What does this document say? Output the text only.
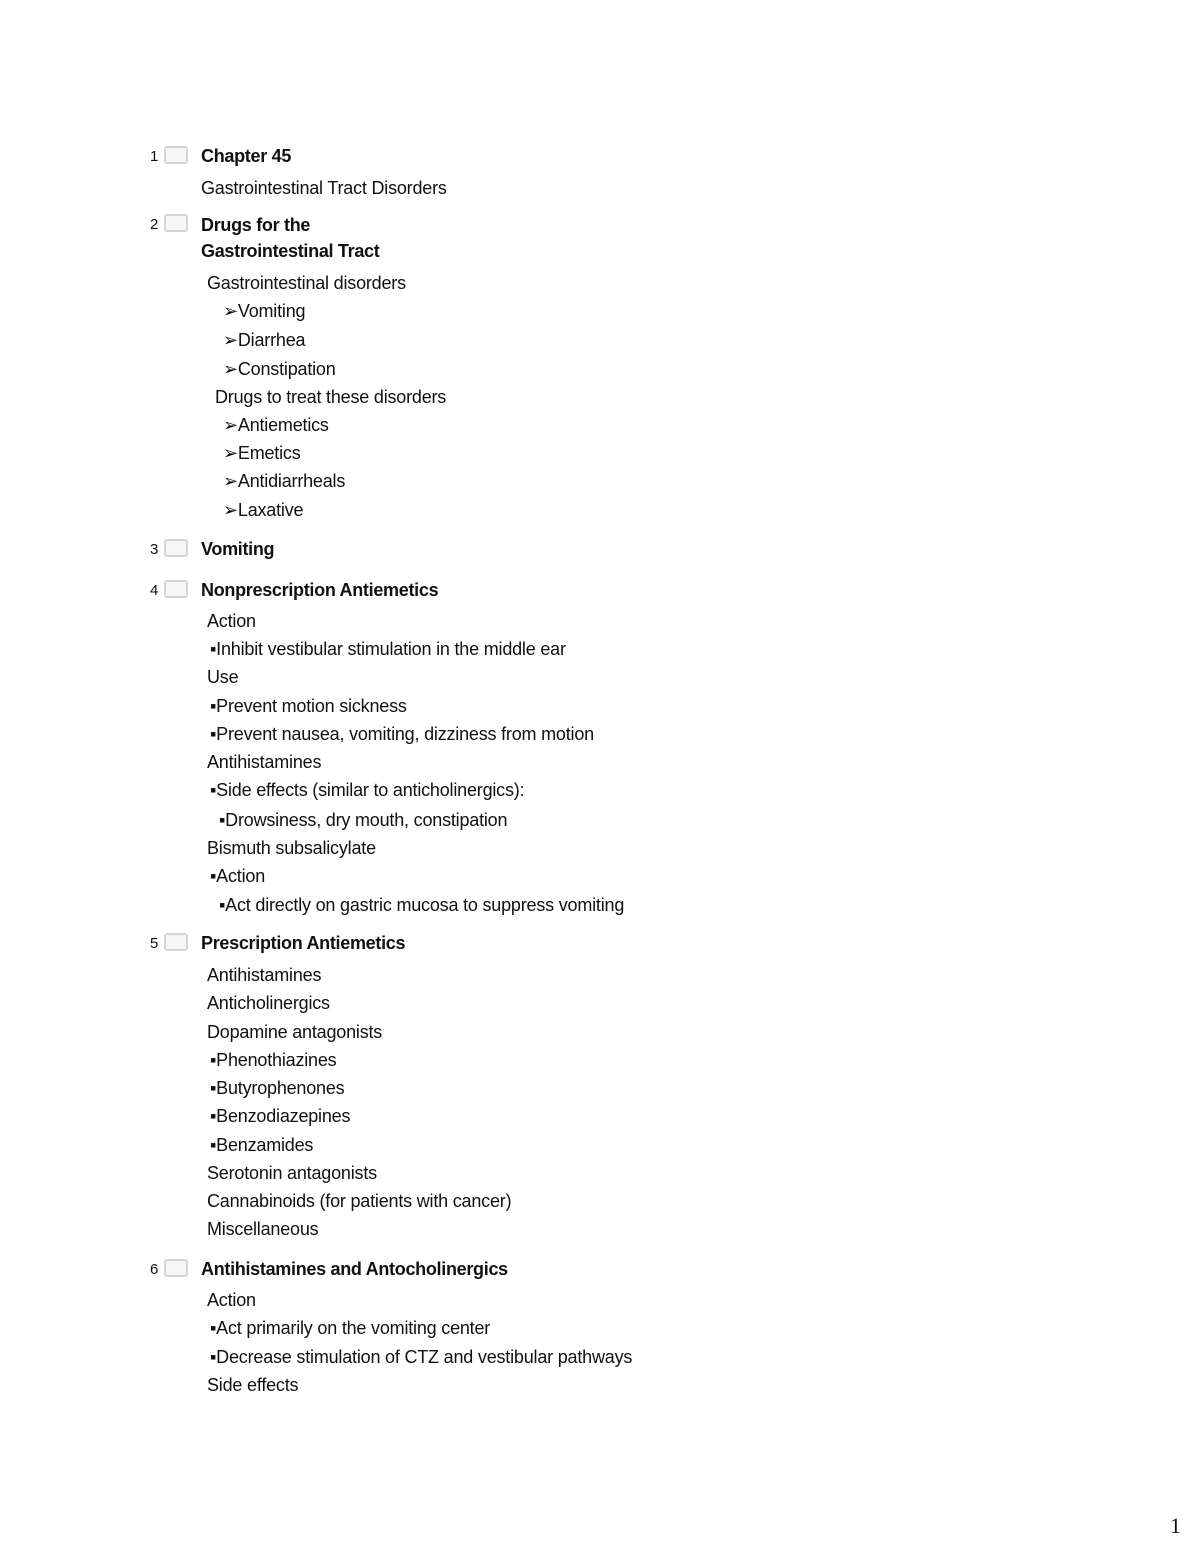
1	Chapter 45
Gastrointestinal Tract Disorders
2	Drugs for the
Gastrointestinal Tract
Gastrointestinal disorders
➢Vomiting
➢Diarrhea
➢Constipation
Drugs to treat these disorders
➢Antiemetics
➢Emetics
➢Antidiarrheals
➢Laxative
3	Vomiting
4	Nonprescription Antiemetics
Action
▪Inhibit vestibular stimulation in the middle ear
Use
▪Prevent motion sickness
▪Prevent nausea, vomiting, dizziness from motion
Antihistamines
▪Side effects (similar to anticholinergics):
▪Drowsiness, dry mouth, constipation
Bismuth subsalicylate
▪Action
▪Act directly on gastric mucosa to suppress vomiting
5	Prescription Antiemetics
Antihistamines
Anticholinergics
Dopamine antagonists
▪Phenothiazines
▪Butyrophenones
▪Benzodiazepines
▪Benzamides
Serotonin antagonists
Cannabinoids (for patients with cancer)
Miscellaneous
6	Antihistamines and Antocholinergics
Action
▪Act primarily on the vomiting center
▪Decrease stimulation of CTZ and vestibular pathways
Side effects
1
